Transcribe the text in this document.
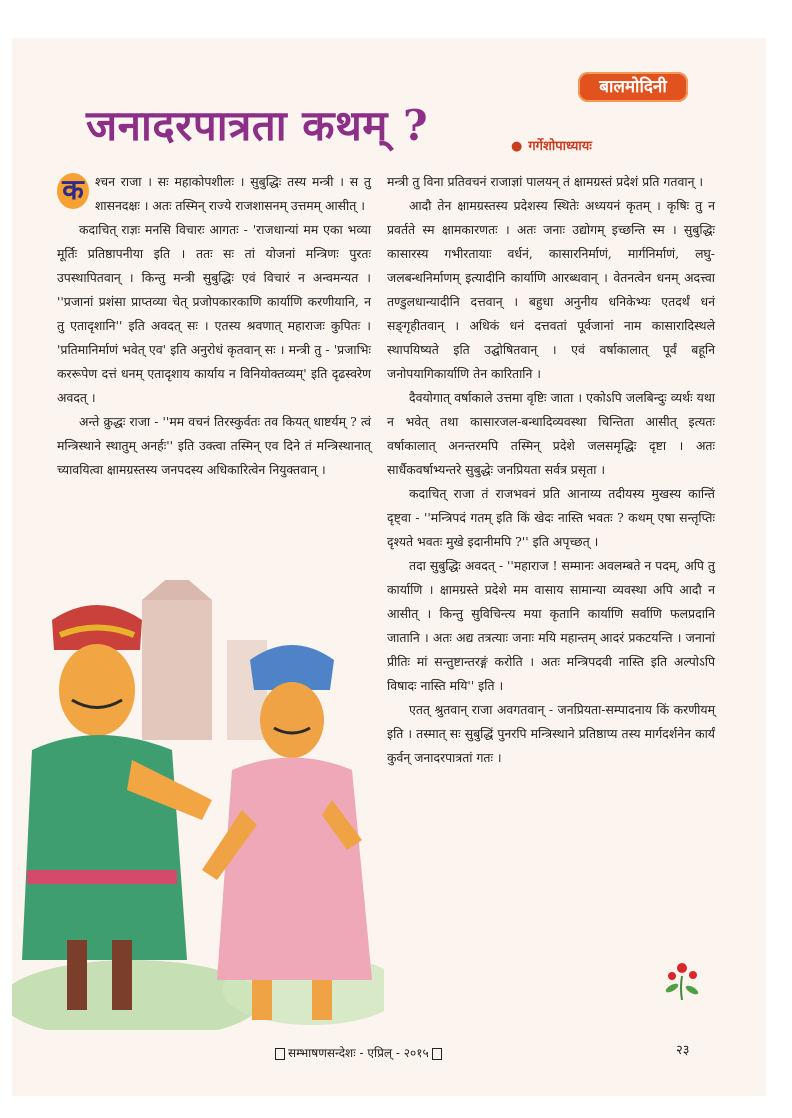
बालमोदिनी
जनादरपात्रता कथम् ?	● गर्गेशोपाध्यायः

क श्चन राजा । सः महाकोपशीलः । सुबुद्धिः तस्य मन्त्री । स तु शासनदक्षः । अतः तस्मिन् राज्ये राजशासनम् उत्तमम् आसीत् ।

कदाचित् राज्ञः मनसि विचारः आगतः - 'राजधान्यां मम एका भव्या मूर्तिः प्रतिष्ठापनीया इति । ततः सः तां योजनां मन्त्रिणः पुरतः उपस्थापितवान् । किन्तु मन्त्री सुबुद्धिः एवं विचारं न अन्वमन्यत । ''प्रजानां प्रशंसा प्राप्तव्या चेत् प्रजोपकारकाणि कार्याणि करणीयानि, न तु एतादृशानि'' इति अवदत् सः । एतस्य श्रवणात् महाराजः कुपितः । 'प्रतिमानिर्माणं भवेत् एव' इति अनुरोधं कृतवान् सः । मन्त्री तु - 'प्रजाभिः कररूपेण दत्तं धनम् एतादृशाय कार्याय न विनियोक्तव्यम्' इति दृढस्वरेण अवदत् ।

अन्ते क्रुद्धः राजा - ''मम वचनं तिरस्कुर्वतः तव कियत् धाष्टर्यम् ? त्वं मन्त्रिस्थाने स्थातुम् अनर्हः'' इति उक्त्वा तस्मिन् एव दिने तं मन्त्रिस्थानात् च्यावयित्वा क्षामग्रस्तस्य जनपदस्य अधिकारित्वेन नियुक्तवान् ।

मन्त्री तु विना प्रतिवचनं राजाज्ञां पालयन् तं क्षामग्रस्तं प्रदेशं प्रति गतवान् ।

आदौ तेन क्षामग्रस्तस्य प्रदेशस्य स्थितेः अध्ययनं कृतम् । कृषिः तु न प्रवर्तते स्म क्षामकारणतः । अतः जनाः उद्योगम् इच्छन्ति स्म । सुबुद्धिः कासारस्य गभीरतायाः वर्धनं, कासारनिर्माणं, मार्गनिर्माणं, लघु-जलबन्धनिर्माणम् इत्यादीनि कार्याणि आरब्धवान् । वेतनत्वेन धनम् अदत्त्वा तण्डुलधान्यादीनि दत्तवान् । बहुधा अनुनीय धनिकेभ्यः एतदर्थं धनं सङ्गृहीतवान् । अधिकं धनं दत्तवतां पूर्वजानां नाम कासारादिस्थले स्थापयिष्यते इति उद्घोषितवान् । एवं वर्षाकालात् पूर्वं बहूनि जनोपयागिकार्याणि तेन कारितानि ।

दैवयोगात् वर्षाकाले उत्तमा वृष्टिः जाता । एकोऽपि जलबिन्दुः व्यर्थः यथा न भवेत् तथा कासारजल-बन्धादिव्यवस्था चिन्तिता आसीत् इत्यतः वर्षाकालात् अनन्तरमपि तस्मिन् प्रदेशे जलसमृद्धिः दृष्टा । अतः सार्धैकवर्षाभ्यन्तरे सुबुद्धेः जनप्रियता सर्वत्र प्रसृता ।

कदाचित् राजा तं राजभवनं प्रति आनाय्य तदीयस्य मुखस्य कान्तिं दृष्ट्वा - ''मन्त्रिपदं गतम् इति किं खेदः नास्ति भवतः ? कथम् एषा सन्तृप्तिः दृश्यते भवतः मुखे इदानीमपि ?'' इति अपृच्छत् ।

तदा सुबुद्धिः अवदत् - ''महाराज ! सम्मानः अवलम्बते न पदम्, अपि तु कार्याणि । क्षामग्रस्ते प्रदेशे मम वासाय सामान्या व्यवस्था अपि आदौ न आसीत् । किन्तु सुविचिन्त्य मया कृतानि कार्याणि सर्वाणि फलप्रदानि जातानि । अतः अद्य तत्रत्याः जनाः मयि महान्तम् आदरं प्रकटयन्ति । जनानां प्रीतिः मां सन्तुष्टान्तरङ्गं करोति । अतः मन्त्रिपदवी नास्ति इति अल्पोऽपि विषादः नास्ति मयि'' इति ।

एतत् श्रुतवान् राजा अवगतवान् - जनप्रियता-सम्पादनाय किं करणीयम् इति । तस्मात् सः सुबुद्धिं पुनरपि मन्त्रिस्थाने प्रतिष्ठाप्य तस्य मार्गदर्शनेन कार्यं कुर्वन् जनादरपात्रतां गतः ।

सम्भाषणसन्देशः - एप्रिल् - २०१५	२३
